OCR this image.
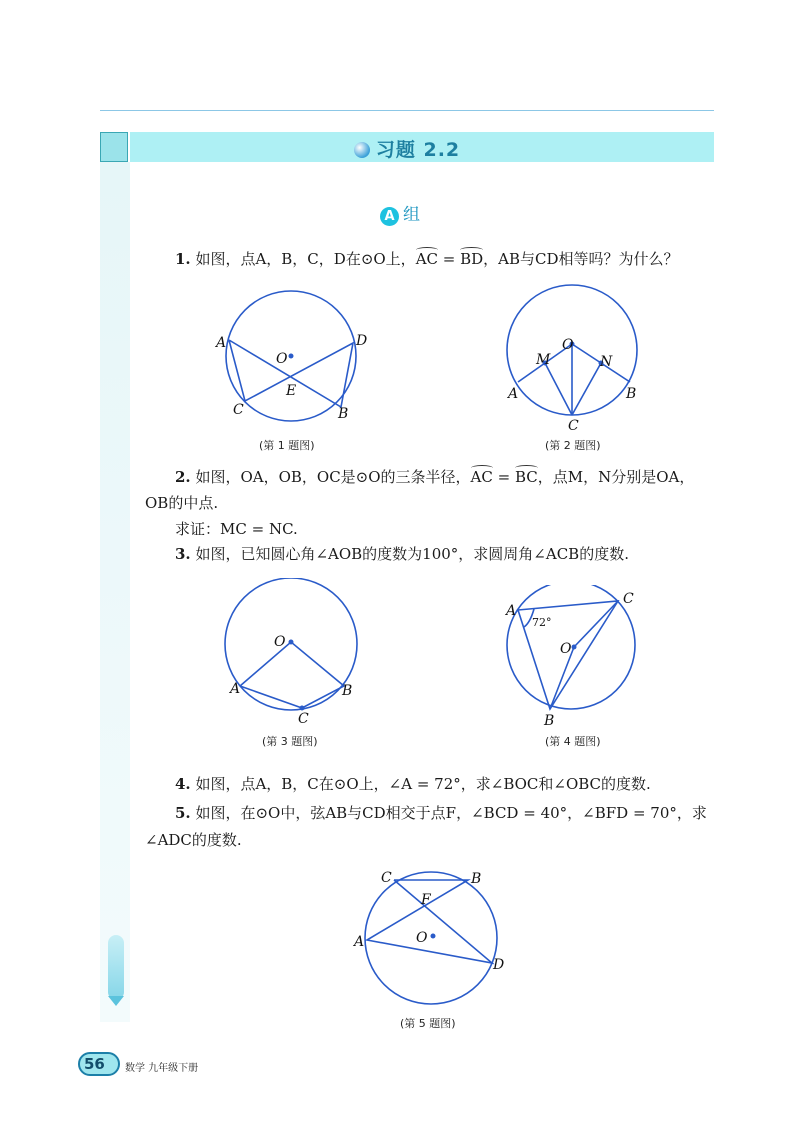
习题 2.2
A 组
1. 如图，点A，B，C，D在⊙O上，AC = BD，AB与CD相等吗？为什么？
A	D
O
E
C	B
(第 1 题图)
O
M	N
A	B
C
(第 2 题图)
2. 如图，OA，OB，OC是⊙O的三条半径，AC = BC，点M，N分别是OA，
OB的中点.
求证：MC = NC.
3. 如图，已知圆心角∠AOB的度数为100°，求圆周角∠ACB的度数.
O
A	B
C
(第 3 题图)
A
C
O
B
72°
(第 4 题图)
4. 如图，点A，B，C在⊙O上，∠A = 72°，求∠BOC和∠OBC的度数.
5. 如图，在⊙O中，弦AB与CD相交于点F，∠BCD = 40°，∠BFD = 70°，求
∠ADC的度数.
C	B
F
O
A
D
(第 5 题图)
56 数学 九年级下册
